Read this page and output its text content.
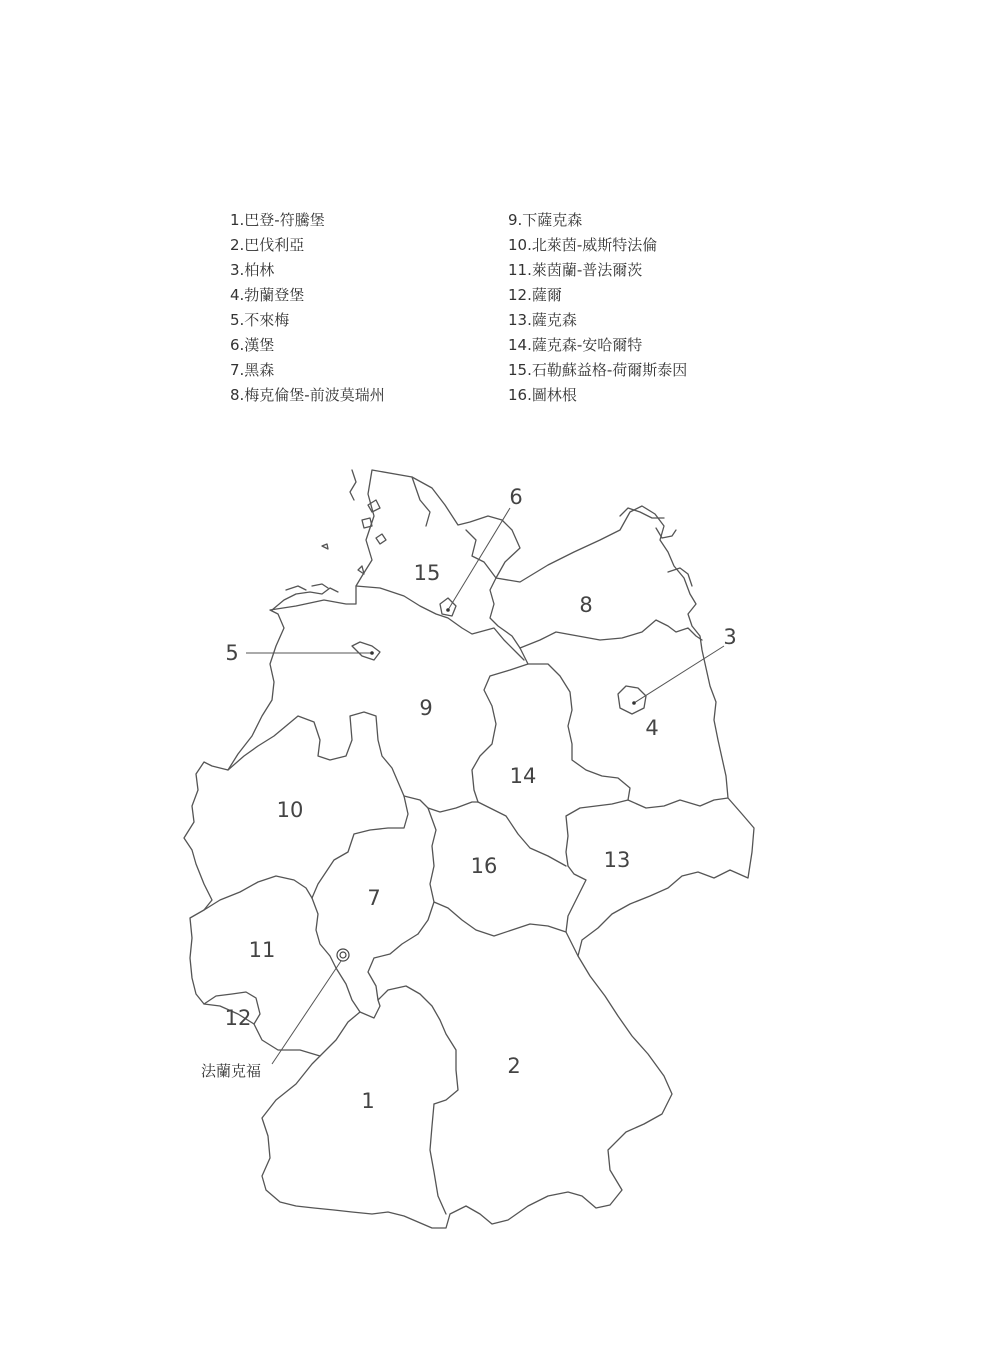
1.巴登-符騰堡
2.巴伐利亞
3.柏林
4.勃蘭登堡
5.不來梅
6.漢堡
7.黑森
8.梅克倫堡-前波莫瑞州
9.下薩克森
10.北萊茵-威斯特法倫
11.萊茵蘭-普法爾茨
12.薩爾
13.薩克森
14.薩克森-安哈爾特
15.石勒蘇益格-荷爾斯泰因
16.圖林根
1
2
3
4
5
6
7
8
9
10
11
12
13
14
15
16
法蘭克福
